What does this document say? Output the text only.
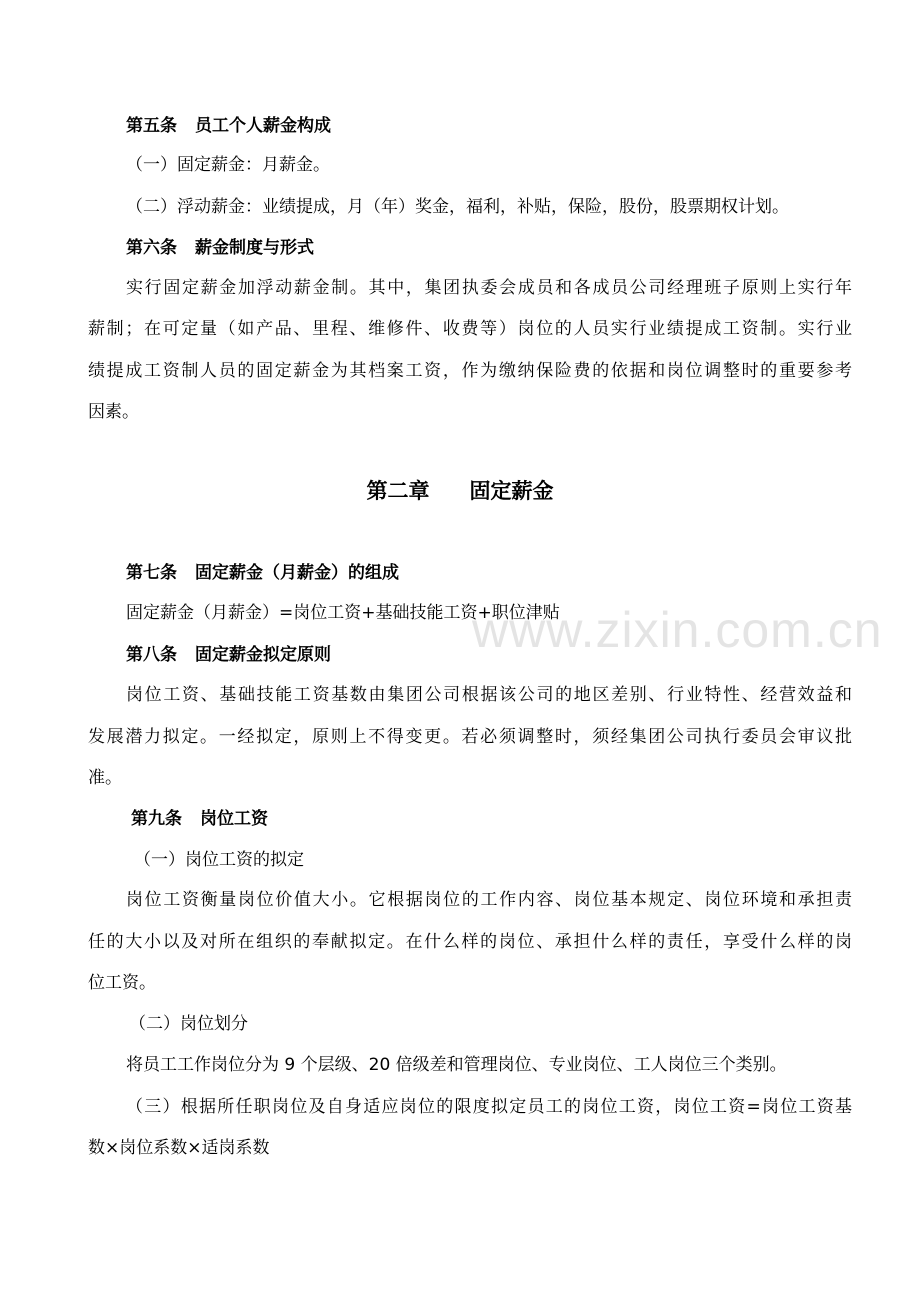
www.zixin.com.cn
第五条 员工个人薪金构成
（一）固定薪金：月薪金。
（二）浮动薪金：业绩提成，月（年）奖金，福利，补贴，保险，股份，股票期权计划。
第六条 薪金制度与形式
实行固定薪金加浮动薪金制。其中，集团执委会成员和各成员公司经理班子原则上实行年
薪制；在可定量（如产品、里程、维修件、收费等）岗位的人员实行业绩提成工资制。实行业
绩提成工资制人员的固定薪金为其档案工资，作为缴纳保险费的依据和岗位调整时的重要参考
因素。
第二章 固定薪金
第七条 固定薪金（月薪金）的组成
固定薪金（月薪金）=岗位工资+基础技能工资+职位津贴
第八条 固定薪金拟定原则
岗位工资、基础技能工资基数由集团公司根据该公司的地区差别、行业特性、经营效益和
发展潜力拟定。一经拟定，原则上不得变更。若必须调整时，须经集团公司执行委员会审议批
准。
第九条 岗位工资
（一）岗位工资的拟定
岗位工资衡量岗位价值大小。它根据岗位的工作内容、岗位基本规定、岗位环境和承担责
任的大小以及对所在组织的奉献拟定。在什么样的岗位、承担什么样的责任，享受什么样的岗
位工资。
（二）岗位划分
将员工工作岗位分为 9 个层级、20 倍级差和管理岗位、专业岗位、工人岗位三个类别。
（三）根据所任职岗位及自身适应岗位的限度拟定员工的岗位工资，岗位工资=岗位工资基
数×岗位系数×适岗系数
